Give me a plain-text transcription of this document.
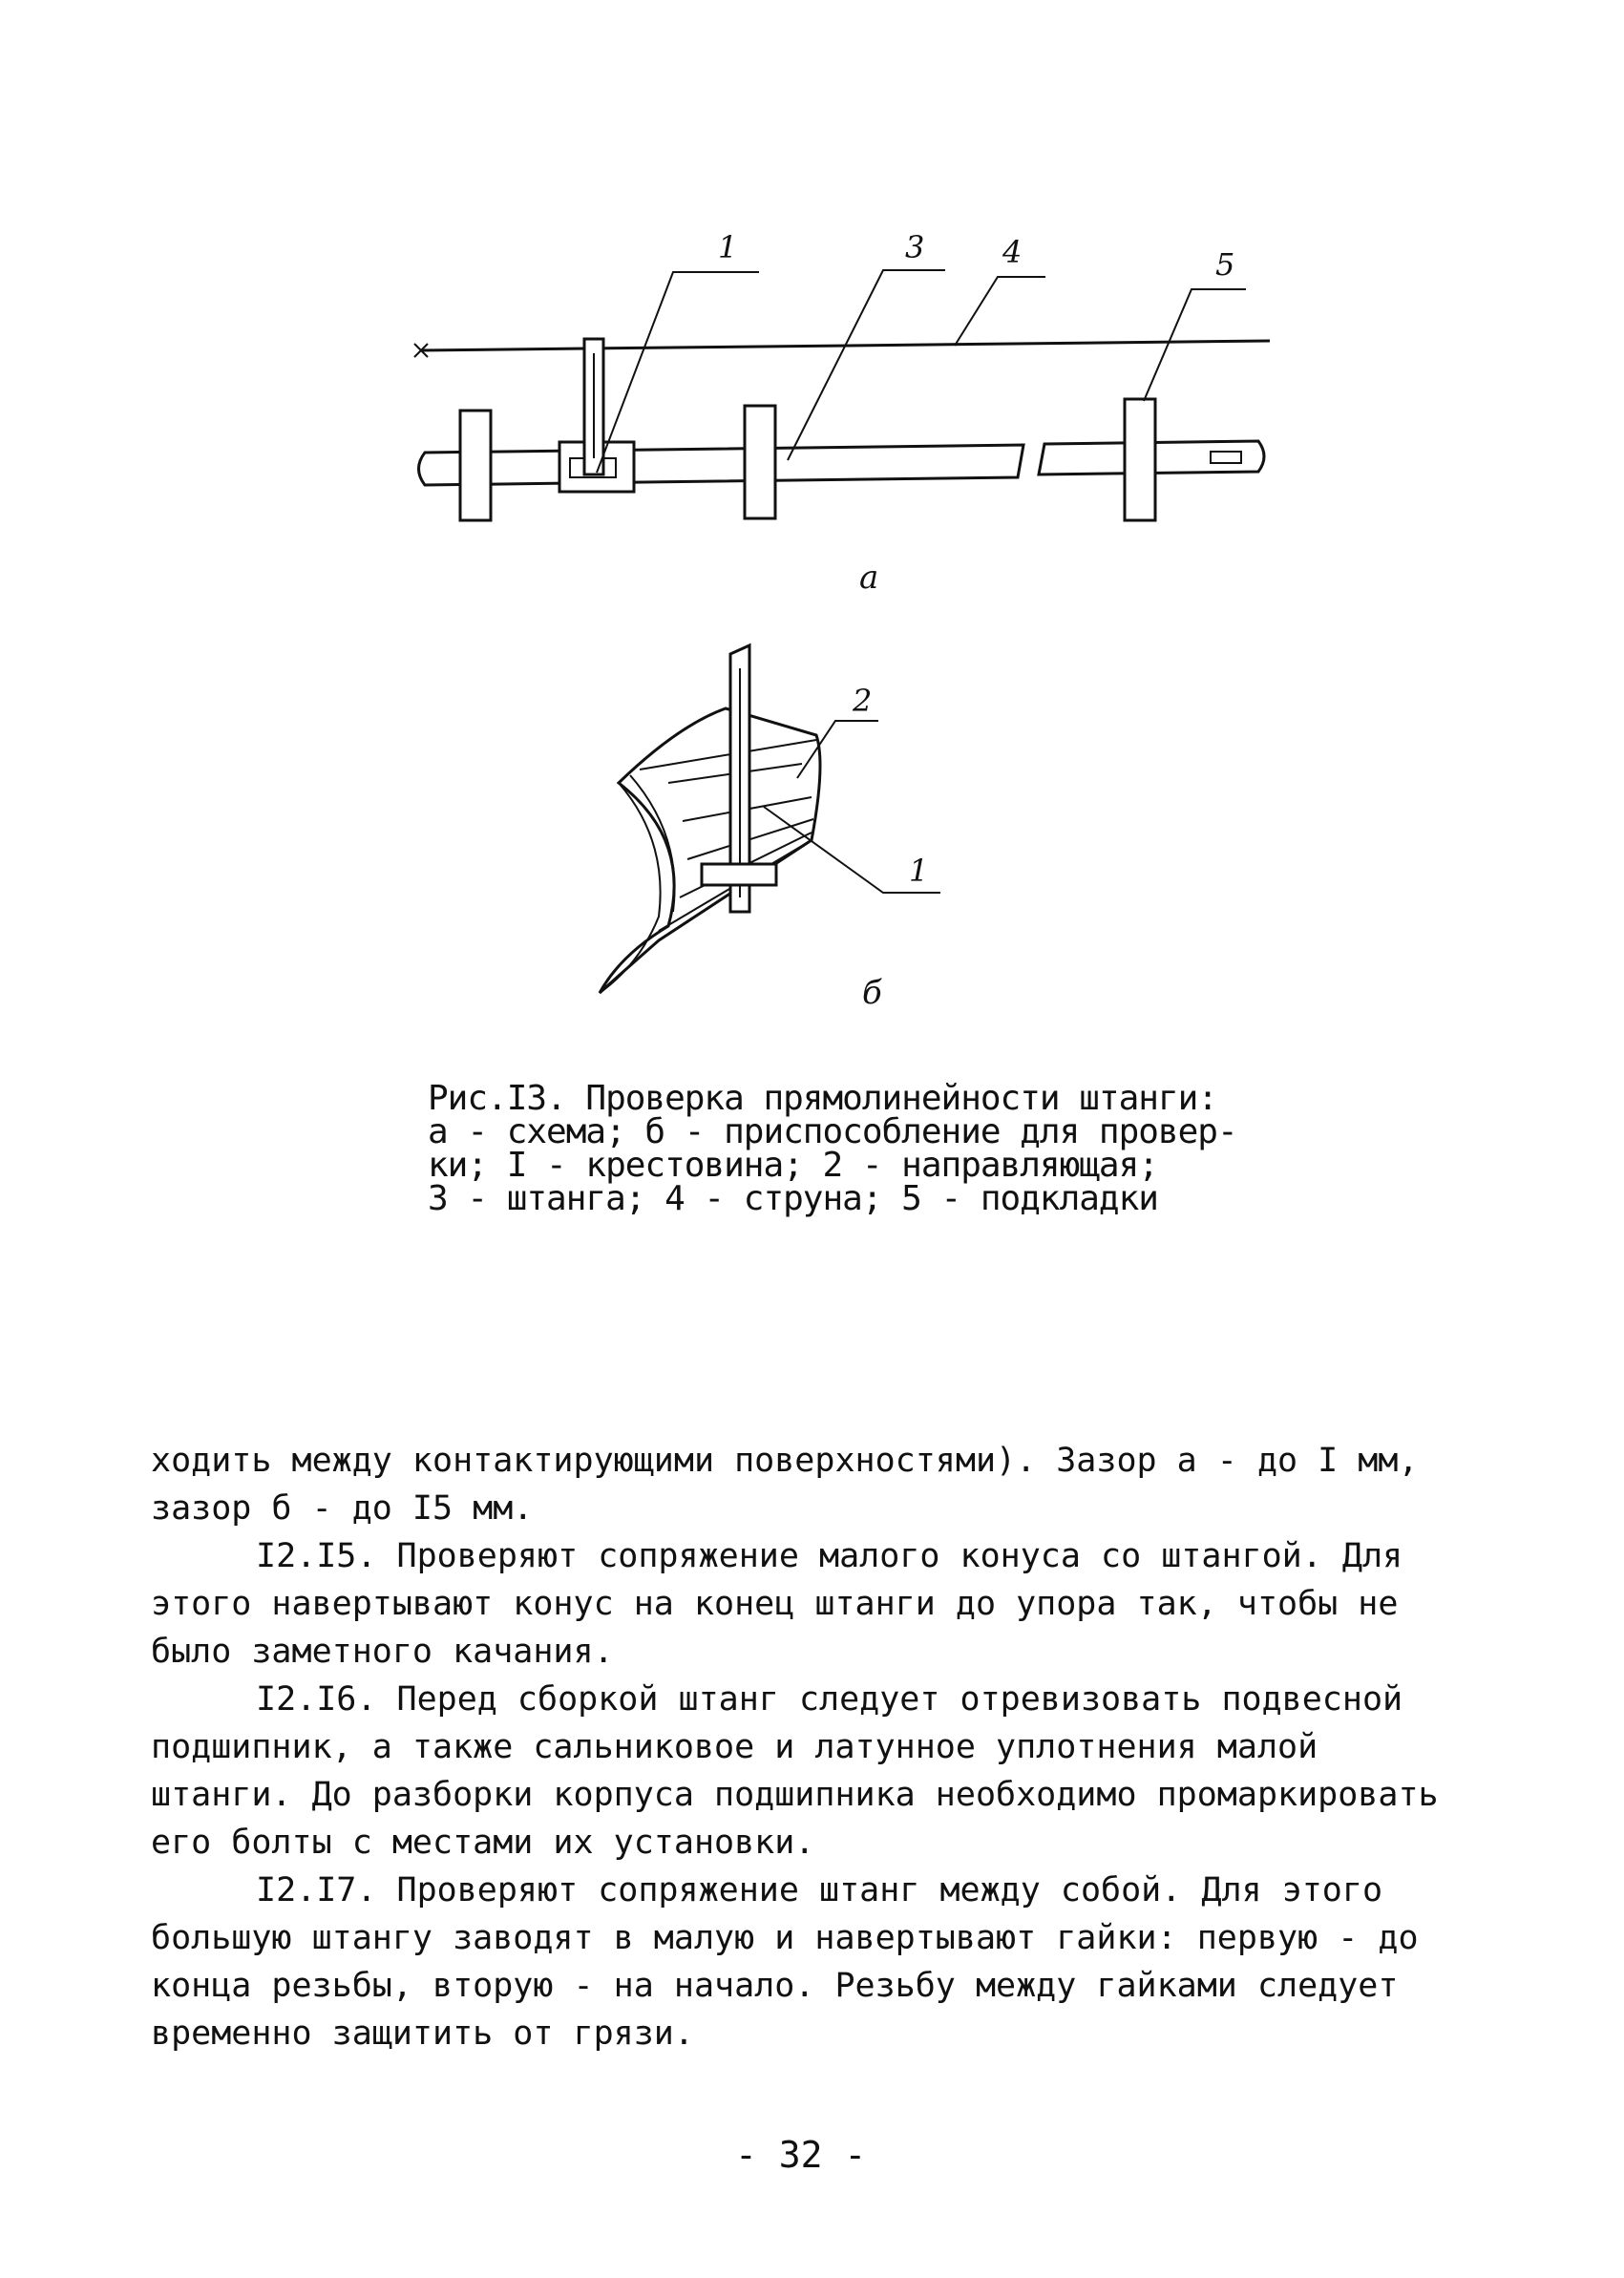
1	3	4	5
2
1
а
б
Рис.I3. Проверка прямолинейности штанги:
а - схема; б - приспособление для провер-
ки; I - крестовина; 2 - направляющая;
3 - штанга; 4 - струна; 5 - подкладки

ходить между контактирующими поверхностями). Зазор а - до I мм, зазор б - до I5 мм.

I2.I5. Проверяют сопряжение малого конуса со штангой. Для этого навертывают конус на конец штанги до упора так, чтобы не было заметного качания.

I2.I6. Перед сборкой штанг следует отревизовать подвесной подшипник, а также сальниковое и латунное уплотнения малой штанги. До разборки корпуса подшипника необходимо промаркировать его болты с местами их установки.

I2.I7. Проверяют сопряжение штанг между собой. Для этого большую штангу заводят в малую и навертывают гайки: первую - до конца резьбы, вторую - на начало. Резьбу между гайками следует временно защитить от грязи.

- 32 -
